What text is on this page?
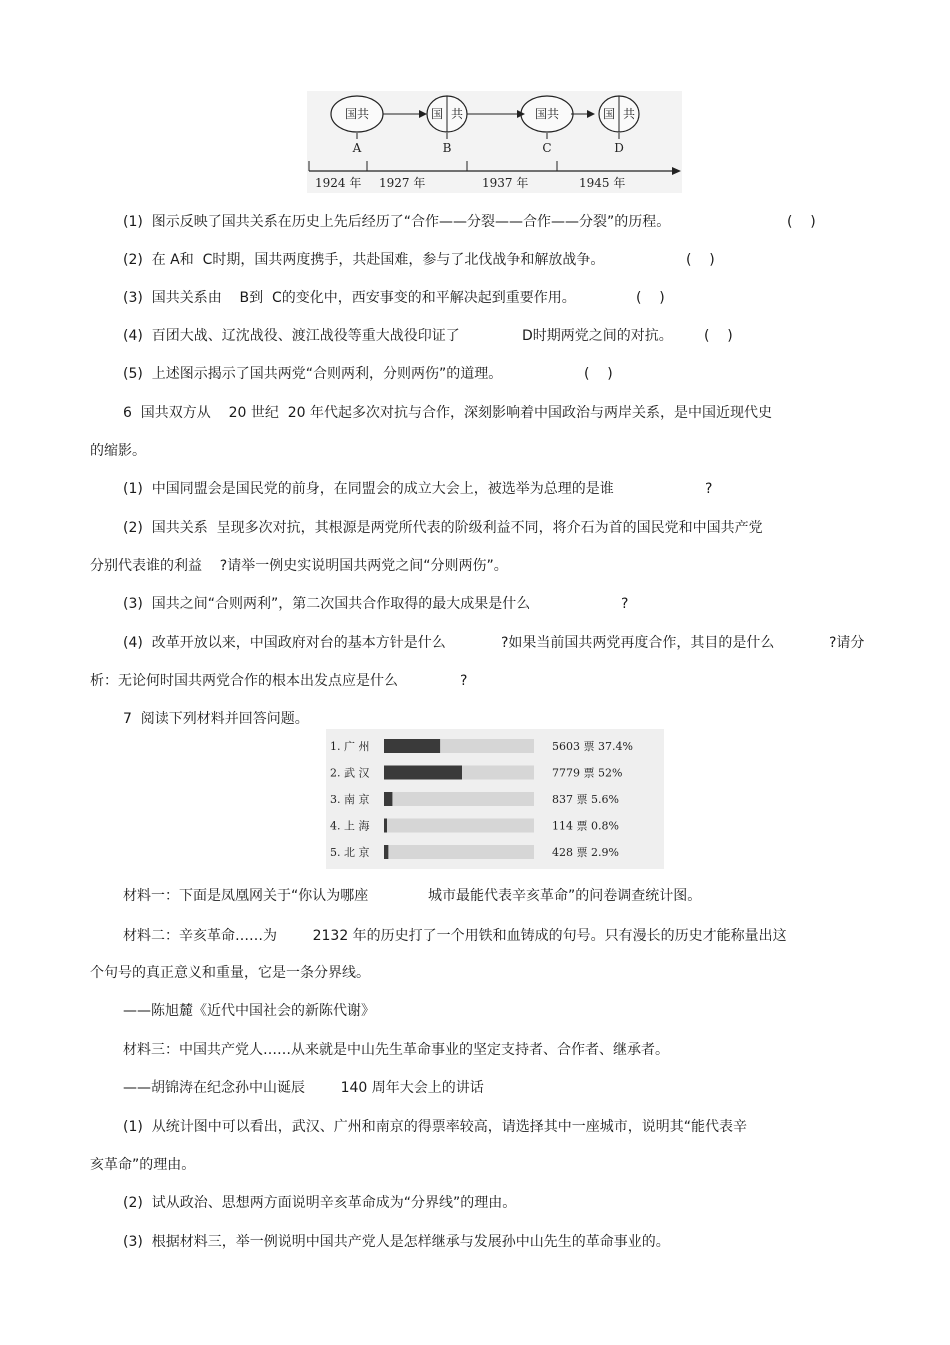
国共	国 共	国共	国 共
A	B	C	D
1924 年 1927 年	1937 年	1945 年
(1)  图示反映了国共关系在历史上先后经历了“合作——分裂——合作——分裂”的历程。	(    )
(2)  在 A和  C时期，国共两度携手，共赴国难，参与了北伐战争和解放战争。	(    )
(3)  国共关系由    B到  C的变化中，西安事变的和平解决起到重要作用。	(    )
(4)  百团大战、辽沈战役、渡江战役等重大战役印证了	D时期两党之间的对抗。 (    )
(5)  上述图示揭示了国共两党“合则两利，分则两伤”的道理。	(    )
6  国共双方从    20 世纪  20 年代起多次对抗与合作，深刻影响着中国政治与两岸关系，是中国近现代史
的缩影。
(1)  中国同盟会是国民党的前身，在同盟会的成立大会上，被选举为总理的是谁	?
(2)  国共关系  呈现多次对抗，其根源是两党所代表的阶级利益不同，将介石为首的国民党和中国共产党
分别代表谁的利益    ?请举一例史实说明国共两党之间“分则两伤”。
(3)  国共之间“合则两利”，第二次国共合作取得的最大成果是什么	?
(4)  改革开放以来，中国政府对台的基本方针是什么	?如果当前国共两党再度合作，其目的是什么	?请分
析：无论何时国共两党合作的根本出发点应是什么	?
7  阅读下列材料并回答问题。
1. 广 州	5603 票 37.4%
2. 武 汉	7779 票 52%
3. 南 京	837 票 5.6%
4. 上 海	114 票 0.8%
5. 北 京	428 票 2.9%
材料一：下面是凤凰网关于“你认为哪座	城市最能代表辛亥革命”的问卷调查统计图。
材料二：辛亥革命……为        2132 年的历史打了一个用铁和血铸成的句号。只有漫长的历史才能称量出这
个句号的真正意义和重量，它是一条分界线。
——陈旭麓《近代中国社会的新陈代谢》
材料三：中国共产党人……从来就是中山先生革命事业的坚定支持者、合作者、继承者。
——胡锦涛在纪念孙中山诞辰        140 周年大会上的讲话
(1)  从统计图中可以看出，武汉、广州和南京的得票率较高，请选择其中一座城市，说明其“能代表辛
亥革命”的理由。
(2)  试从政治、思想两方面说明辛亥革命成为“分界线”的理由。
(3)  根据材料三，举一例说明中国共产党人是怎样继承与发展孙中山先生的革命事业的。
